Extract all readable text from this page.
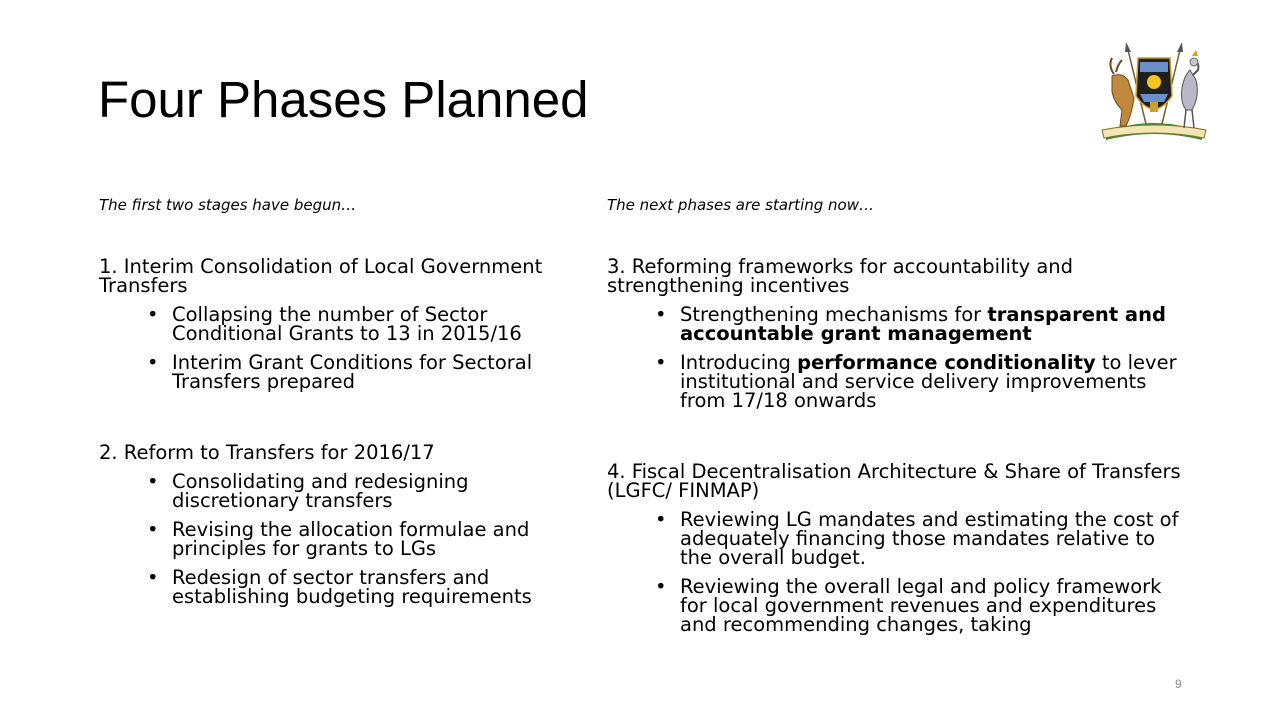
Four Phases Planned

The first two stages have begun…

1. Interim Consolidation of Local Government Transfers

• Collapsing the number of Sector Conditional Grants to 13 in 2015/16
• Interim Grant Conditions for Sectoral Transfers prepared

2. Reform to Transfers for 2016/17

• Consolidating and redesigning discretionary transfers
• Revising the allocation formulae and principles for grants to LGs
• Redesign of sector transfers and establishing budgeting requirements

The next phases are starting now…

3. Reforming frameworks for accountability and strengthening incentives

• Strengthening mechanisms for transparent and accountable grant management
• Introducing performance conditionality to lever institutional and service delivery improvements from 17/18 onwards

4. Fiscal Decentralisation Architecture & Share of Transfers (LGFC/ FINMAP)

• Reviewing LG mandates and estimating the cost of adequately financing those mandates relative to the overall budget.
• Reviewing the overall legal and policy framework for local government revenues and expenditures and recommending changes, taking
9
